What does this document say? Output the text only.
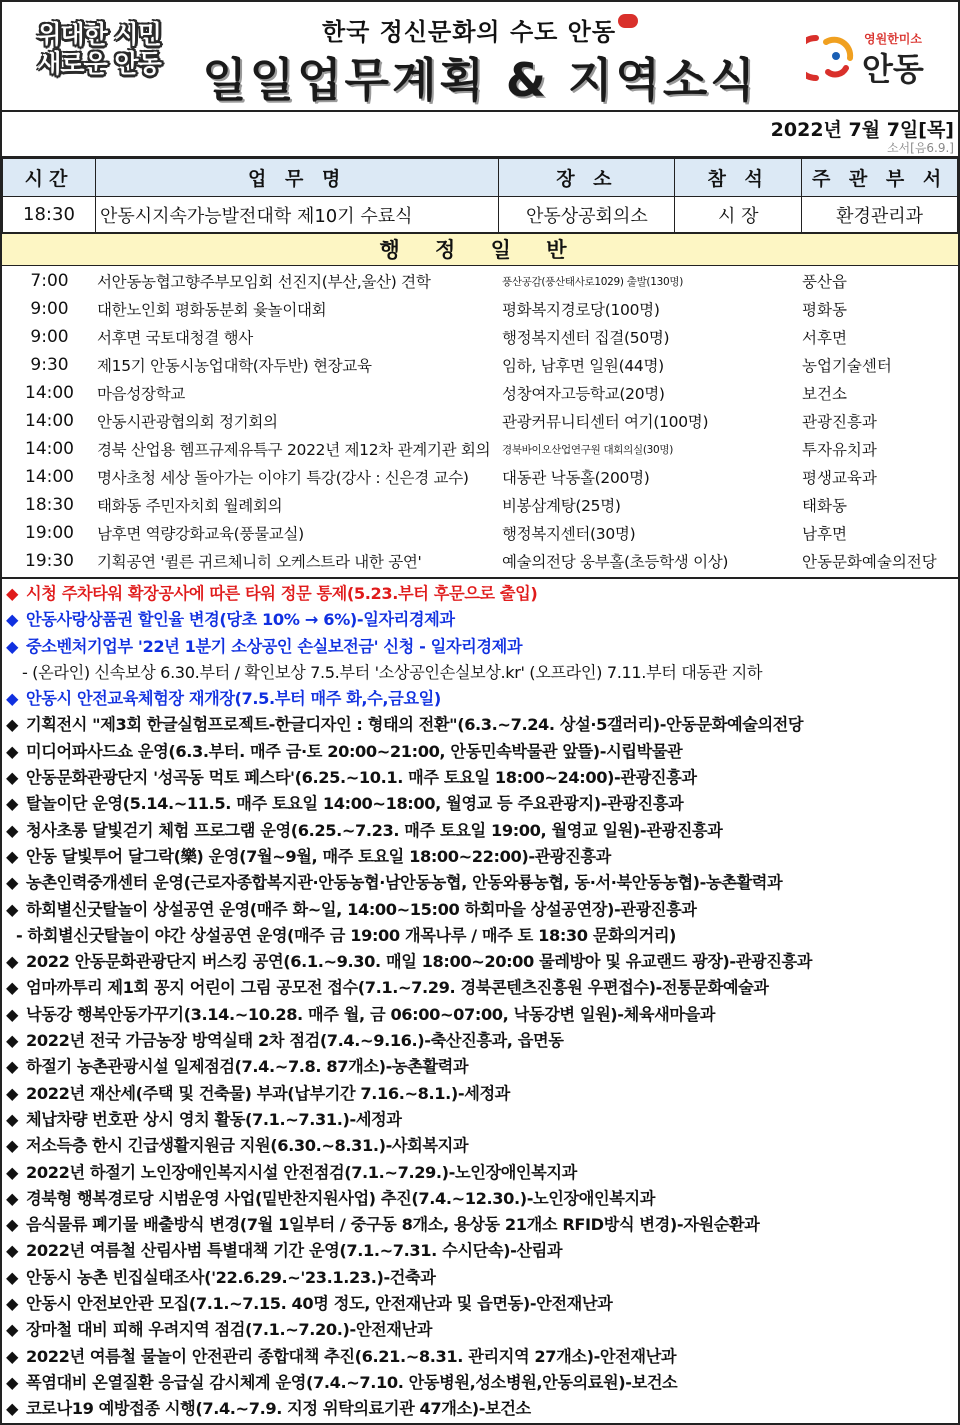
위대한 시민
새로운 안동
한국 정신문화의 수도 안동
일일업무계획 & 지역소식
영원한미소
안동
2022년 7월 7일[목]
소서[음6.9.]
시간	업 무 명	장 소	참 석	주 관 부 서
18:30	안동시지속가능발전대학 제10기 수료식	안동상공회의소	시 장	환경관리과
행 정 일 반
7:00	서안동농협고향주부모임회 선진지(부산,울산) 견학	풍산공감(풍산태사로1029) 출발(130명)	풍산읍
9:00	대한노인회 평화동분회 윷놀이대회	평화복지경로당(100명)	평화동
9:00	서후면 국토대청결 행사	행정복지센터 집결(50명)	서후면
9:30	제15기 안동시농업대학(자두반) 현장교육	임하, 남후면 일원(44명)	농업기술센터
14:00	마음성장학교	성창여자고등학교(20명)	보건소
14:00	안동시관광협의회 정기회의	관광커뮤니티센터 여기(100명)	관광진흥과
14:00	경북 산업용 헴프규제유특구 2022년 제12차 관계기관 회의	경북바이오산업연구원 대회의실(30명)	투자유치과
14:00	명사초청 세상 돌아가는 이야기 특강(강사 : 신은경 교수)	대동관 낙동홀(200명)	평생교육과
18:30	태화동 주민자치회 월례회의	비봉삼계탕(25명)	태화동
19:00	남후면 역량강화교육(풍물교실)	행정복지센터(30명)	남후면
19:30	기획공연 '퀼른 귀르체니히 오케스트라 내한 공연'	예술의전당 웅부홀(초등학생 이상)	안동문화예술의전당
◆ 시청 주차타워 확장공사에 따른 타워 정문 통제(5.23.부터 후문으로 출입)
◆ 안동사랑상품권 할인율 변경(당초 10% → 6%)-일자리경제과
◆ 중소벤처기업부 '22년 1분기 소상공인 손실보전금' 신청 - 일자리경제과
- (온라인) 신속보상 6.30.부터 / 확인보상 7.5.부터 '소상공인손실보상.kr' (오프라인) 7.11.부터 대동관 지하
◆ 안동시 안전교육체험장 재개장(7.5.부터 매주 화,수,금요일)
◆ 기획전시 "제3회 한글실험프로젝트-한글디자인 : 형태의 전환"(6.3.~7.24. 상설·5갤러리)-안동문화예술의전당
◆ 미디어파사드쇼 운영(6.3.부터. 매주 금·토 20:00~21:00, 안동민속박물관 앞뜰)-시립박물관
◆ 안동문화관광단지 '성곡동 먹토 페스타'(6.25.~10.1. 매주 토요일 18:00~24:00)-관광진흥과
◆ 탈놀이단 운영(5.14.~11.5. 매주 토요일 14:00~18:00, 월영교 등 주요관광지)-관광진흥과
◆ 청사초롱 달빛걷기 체험 프로그램 운영(6.25.~7.23. 매주 토요일 19:00, 월영교 일원)-관광진흥과
◆ 안동 달빛투어 달그락(樂) 운영(7월~9월, 매주 토요일 18:00~22:00)-관광진흥과
◆ 농촌인력중개센터 운영(근로자종합복지관·안동농협·남안동농협, 안동와룡농협, 동·서·북안동농협)-농촌활력과
◆ 하회별신굿탈놀이 상설공연 운영(매주 화~일, 14:00~15:00 하회마을 상설공연장)-관광진흥과
- 하회별신굿탈놀이 야간 상설공연 운영(매주 금 19:00 개목나루 / 매주 토 18:30 문화의거리)
◆ 2022 안동문화관광단지 버스킹 공연(6.1.~9.30. 매일 18:00~20:00 물레방아 및 유교랜드 광장)-관광진흥과
◆ 엄마까투리 제1회 꽁지 어린이 그림 공모전 접수(7.1.~7.29. 경북콘텐츠진흥원 우편접수)-전통문화예술과
◆ 낙동강 행복안동가꾸기(3.14.~10.28. 매주 월, 금 06:00~07:00, 낙동강변 일원)-체육새마을과
◆ 2022년 전국 가금농장 방역실태 2차 점검(7.4.~9.16.)-축산진흥과, 읍면동
◆ 하절기 농촌관광시설 일제점검(7.4.~7.8. 87개소)-농촌활력과
◆ 2022년 재산세(주택 및 건축물) 부과(납부기간 7.16.~8.1.)-세정과
◆ 체납차량 번호판 상시 영치 활동(7.1.~7.31.)-세정과
◆ 저소득층 한시 긴급생활지원금 지원(6.30.~8.31.)-사회복지과
◆ 2022년 하절기 노인장애인복지시설 안전점검(7.1.~7.29.)-노인장애인복지과
◆ 경북형 행복경로당 시범운영 사업(밑반찬지원사업) 추진(7.4.~12.30.)-노인장애인복지과
◆ 음식물류 폐기물 배출방식 변경(7월 1일부터 / 중구동 8개소, 용상동 21개소 RFID방식 변경)-자원순환과
◆ 2022년 여름철 산림사범 특별대책 기간 운영(7.1.~7.31. 수시단속)-산림과
◆ 안동시 농촌 빈집실태조사('22.6.29.~'23.1.23.)-건축과
◆ 안동시 안전보안관 모집(7.1.~7.15. 40명 정도, 안전재난과 및 읍면동)-안전재난과
◆ 장마철 대비 피해 우려지역 점검(7.1.~7.20.)-안전재난과
◆ 2022년 여름철 물놀이 안전관리 종합대책 추진(6.21.~8.31. 관리지역 27개소)-안전재난과
◆ 폭염대비 온열질환 응급실 감시체계 운영(7.4.~7.10. 안동병원,성소병원,안동의료원)-보건소
◆ 코로나19 예방접종 시행(7.4.~7.9. 지정 위탁의료기관 47개소)-보건소
